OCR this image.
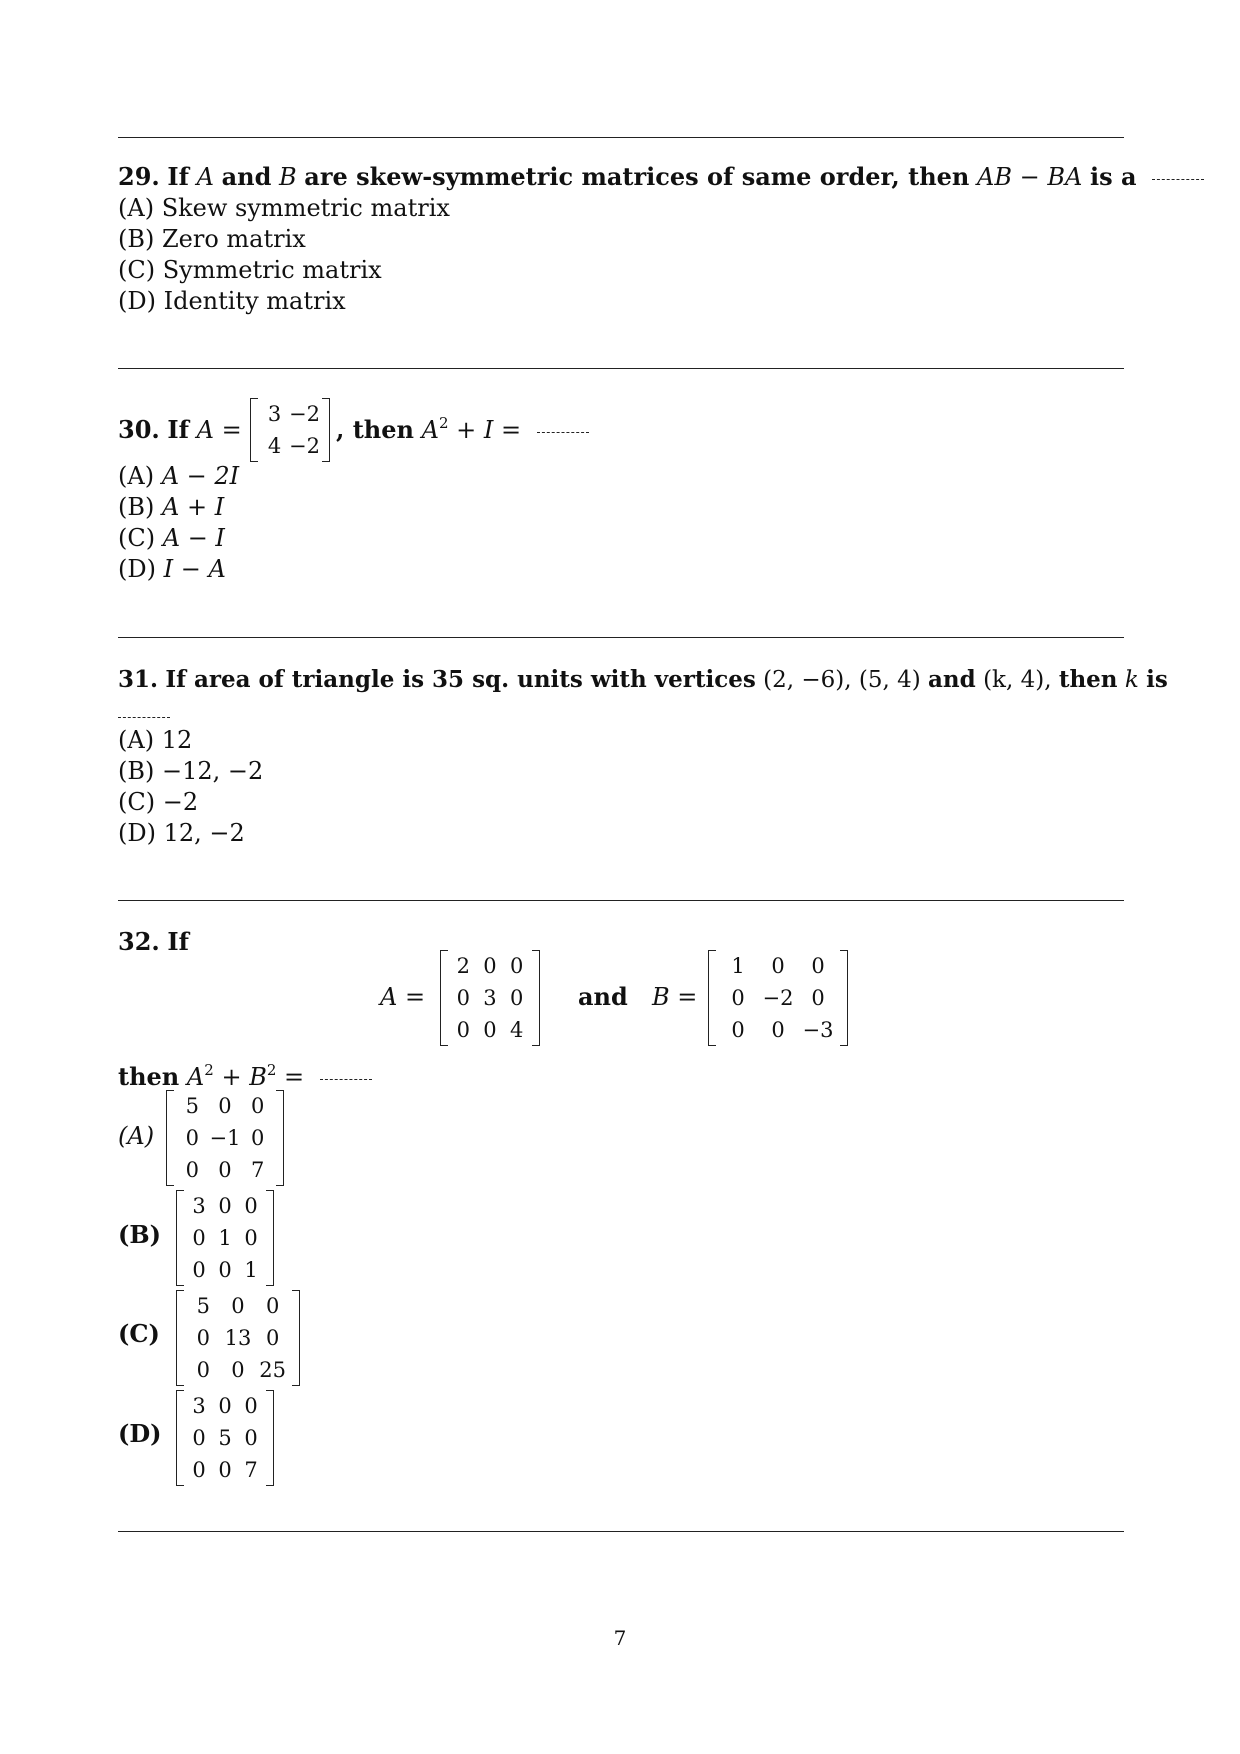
29. If A and B are skew-symmetric matrices of same order, then AB − BA is a
(A) Skew symmetric matrix
(B) Zero matrix
(C) Symmetric matrix
(D) Identity matrix
30. If A =
3 −2
4 −2
, then $A^2 + I$ =
(A) A − 2I
(B) A + I
(C) A − I
(D) I − A
31. If area of triangle is 35 sq. units with vertices (2, −6), (5, 4) and (k, 4), then k is
(A) 12
(B) −12, −2
(C) −2
(D) 12, −2
32. If
A =
2 0 0
0 3 0
0 0 4
and B =
1 0 0
0 −2 0
0 0 −3
then $A^2 + B^2$ =
(A)
5 0 0
0 −1 0
0 0 7
(B)
3 0 0
0 1 0
0 0 1
(C)
5 0 0
0 13 0
0 0 25
(D)
3 0 0
0 5 0
0 0 7
7
